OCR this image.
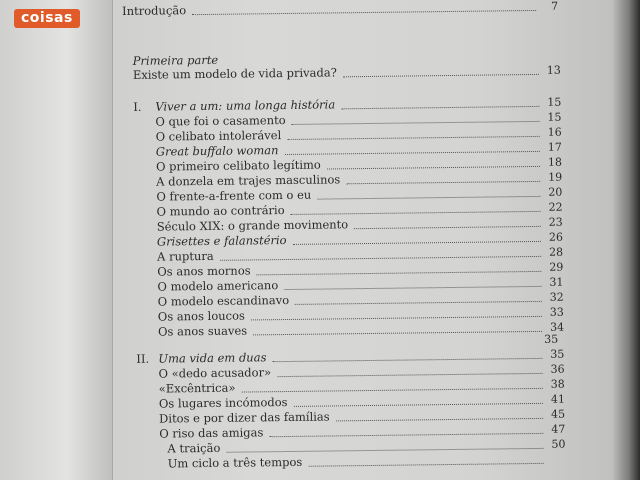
Introdução	7
Primeira parte
Existe um modelo de vida privada?	13
I.	Viver a um: uma longa história	15
O que foi o casamento	15
O celibato intolerável	16
Great buffalo woman	17
O primeiro celibato legítimo	18
A donzela em trajes masculinos	19
O frente-a-frente com o eu	20
O mundo ao contrário	22
Século XIX: o grande movimento	23
Grisettes e falanstério	26
A ruptura	28
Os anos mornos	29
O modelo americano	31
O modelo escandinavo	32
Os anos loucos	33
Os anos suaves	34
35
II. Uma vida em duas	35
O «dedo acusador»	36
«Excêntrica»	38
Os lugares incómodos	41
Ditos e por dizer das famílias	45
O riso das amigas	47
A traição	50
Um ciclo a três tempos
coisas
